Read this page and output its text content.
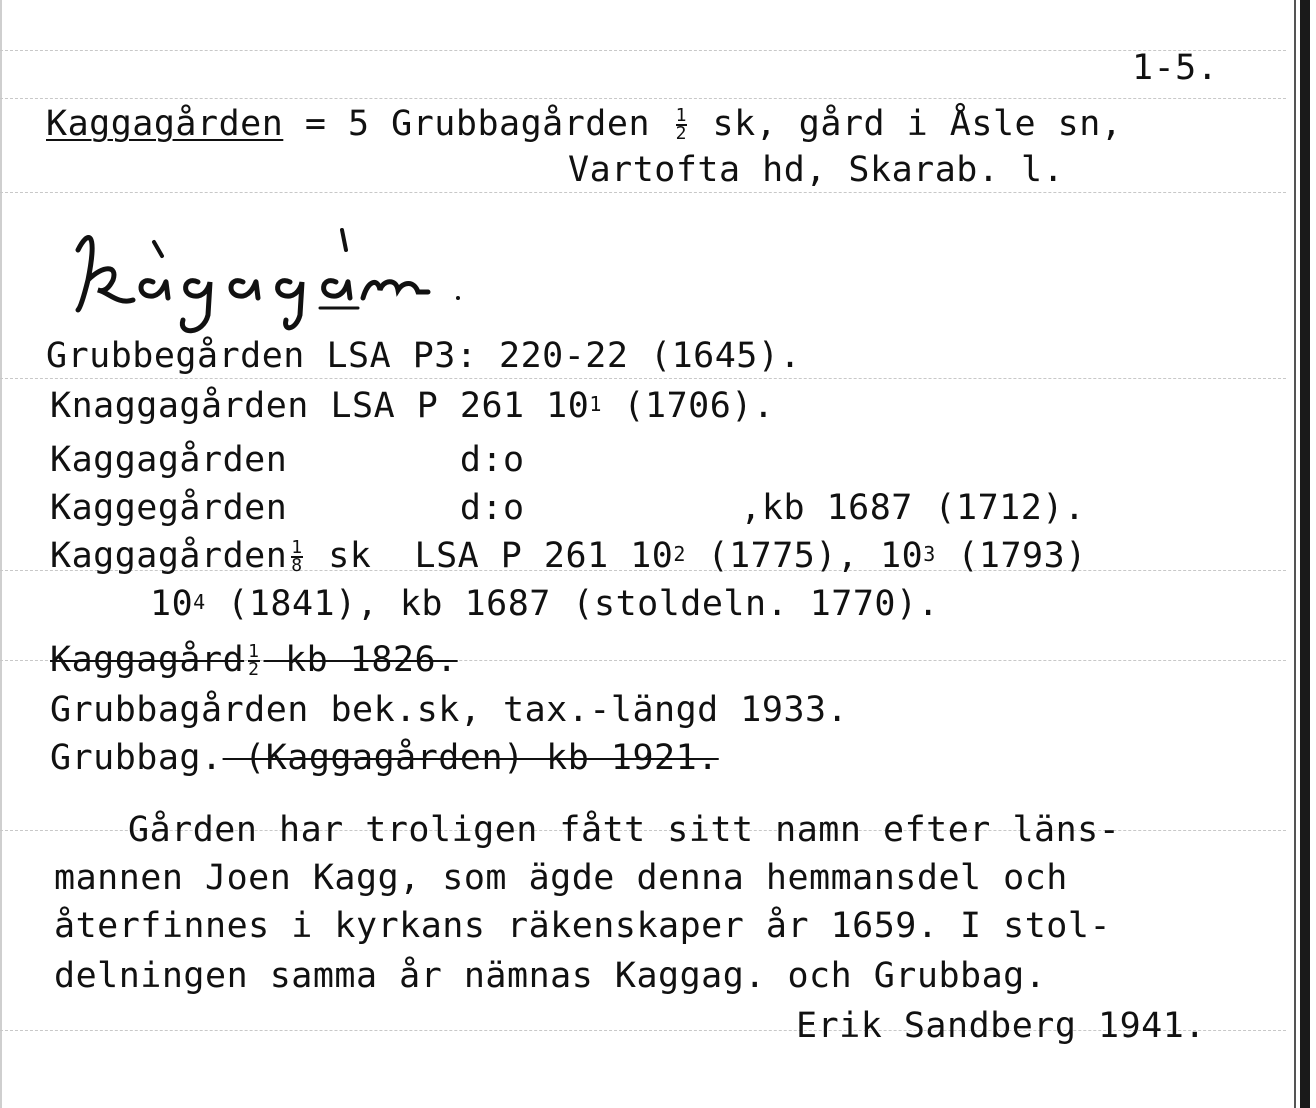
1-5.
Kaggagården = 5 Grubbagården $\frac{1}{2}$ sk, gård i Åsle sn,
Vartofta hd, Skarab. l.
Grubbegården LSA P3: 220-22 (1645).
Knaggagården LSA P 261 $10^1$ (1706).
Kaggagården        d:o
Kaggegården        d:o          ,kb 1687 (1712).
Kaggagården $\frac{1}{8}$ sk  LSA P 261 $10^2$ (1775), $10^3$ (1793)
$10^4$ (1841), kb 1687 (stoldeln. 1770).
Kaggagård $\frac{1}{2}$ kb 1826.
Grubbagården bek.sk, tax.-längd 1933.
Grubbag. (Kaggagården) kb 1921.
Gården har troligen fått sitt namn efter läns-
mannen Joen Kagg, som ägde denna hemmansdel och
återfinnes i kyrkans räkenskaper år 1659. I stol-
delningen samma år nämnas Kaggag. och Grubbag.
Erik Sandberg 1941.
